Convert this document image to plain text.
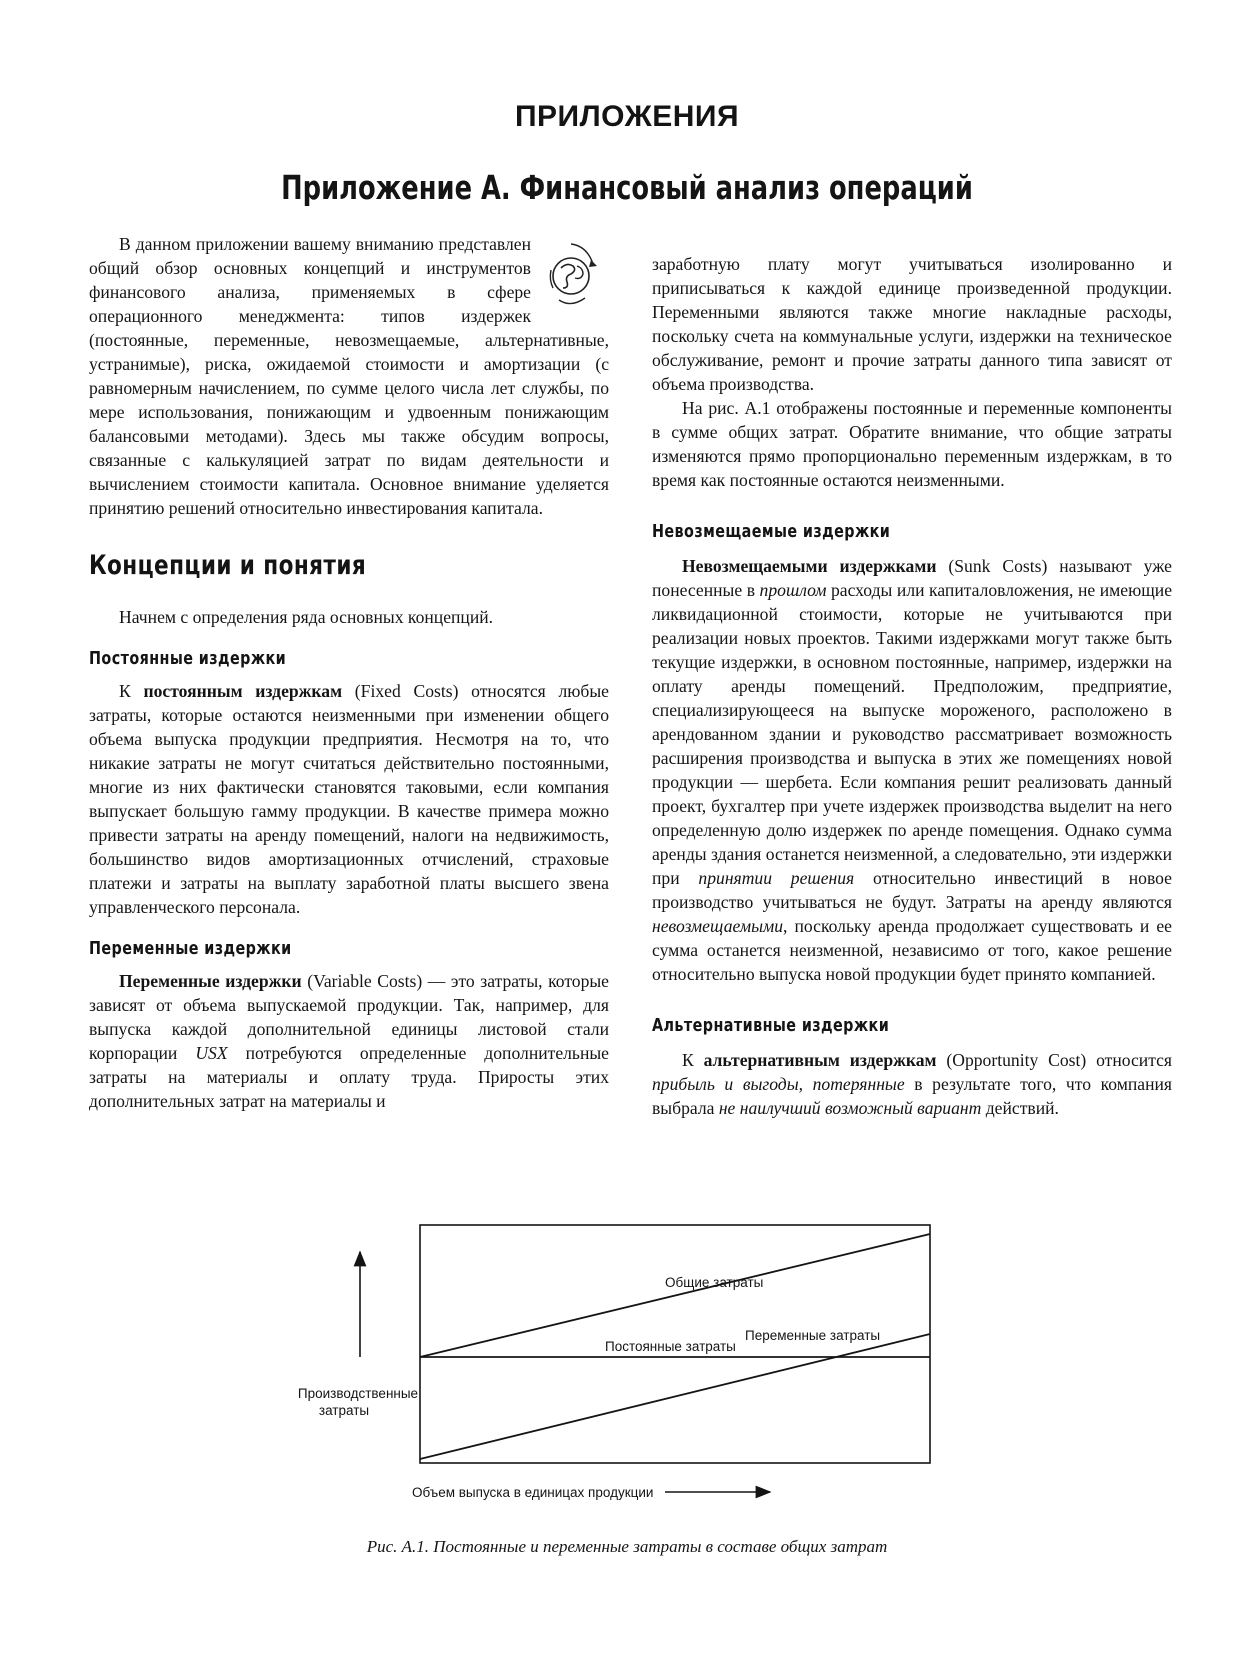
ПРИЛОЖЕНИЯ
Приложение А. Финансовый анализ операций

В данном приложении вашему вниманию представлен общий обзор основных концепций и инструментов финансового анализа, применяемых в сфере операционного менеджмента: типов издержек (постоянные, переменные, невозмещаемые, альтернативные, устранимые), риска, ожидаемой стоимости и амортизации (с равномерным начислением, по сумме целого числа лет службы, по мере использования, понижающим и удвоенным понижающим балансовыми методами). Здесь мы также обсудим вопросы, связанные с калькуляцией затрат по видам деятельности и вычислением стоимости капитала. Основное внимание уделяется принятию решений относительно инвестирования капитала.

Концепции и понятия

Начнем с определения ряда основных концепций.

Постоянные издержки

К постоянным издержкам (Fixed Costs) относятся любые затраты, которые остаются неизменными при изменении общего объема выпуска продукции предприятия. Несмотря на то, что никакие затраты не могут считаться действительно постоянными, многие из них фактически становятся таковыми, если компания выпускает большую гамму продукции. В качестве примера можно привести затраты на аренду помещений, налоги на недвижимость, большинство видов амортизационных отчислений, страховые платежи и затраты на выплату заработной платы высшего звена управленческого персонала.

Переменные издержки

Переменные издержки (Variable Costs) — это затраты, которые зависят от объема выпускаемой продукции. Так, например, для выпуска каждой дополнительной единицы листовой стали корпорации USX потребуются определенные дополнительные затраты на материалы и оплату труда. Приросты этих дополнительных затрат на материалы и

заработную плату могут учитываться изолированно и приписываться к каждой единице произведенной продукции. Переменными являются также многие накладные расходы, поскольку счета на коммунальные услуги, издержки на техническое обслуживание, ремонт и прочие затраты данного типа зависят от объема производства.

На рис. А.1 отображены постоянные и переменные компоненты в сумме общих затрат. Обратите внимание, что общие затраты изменяются прямо пропорционально переменным издержкам, в то время как постоянные остаются неизменными.

Невозмещаемые издержки

Невозмещаемыми издержками (Sunk Costs) называют уже понесенные в прошлом расходы или капиталовложения, не имеющие ликвидационной стоимости, которые не учитываются при реализации новых проектов. Такими издержками могут также быть текущие издержки, в основном постоянные, например, издержки на оплату аренды помещений. Предположим, предприятие, специализирующееся на выпуске мороженого, расположено в арендованном здании и руководство рассматривает возможность расширения производства и выпуска в этих же помещениях новой продукции — шербета. Если компания решит реализовать данный проект, бухгалтер при учете издержек производства выделит на него определенную долю издержек по аренде помещения. Однако сумма аренды здания останется неизменной, а следовательно, эти издержки при принятии решения относительно инвестиций в новое производство учитываться не будут. Затраты на аренду являются невозмещаемыми, поскольку аренда продолжает существовать и ее сумма останется неизменной, независимо от того, какое решение относительно выпуска новой продукции будет принято компанией.

Альтернативные издержки

К альтернативным издержкам (Opportunity Cost) относится прибыль и выгоды, потерянные в результате того, что компания выбрала не наилучший возможный вариант действий.

Общие затраты
Переменные затраты
Постоянные затраты
Производственные
затраты
Объем выпуска в единицах продукции

Рис. А.1. Постоянные и переменные затраты в составе общих затрат
